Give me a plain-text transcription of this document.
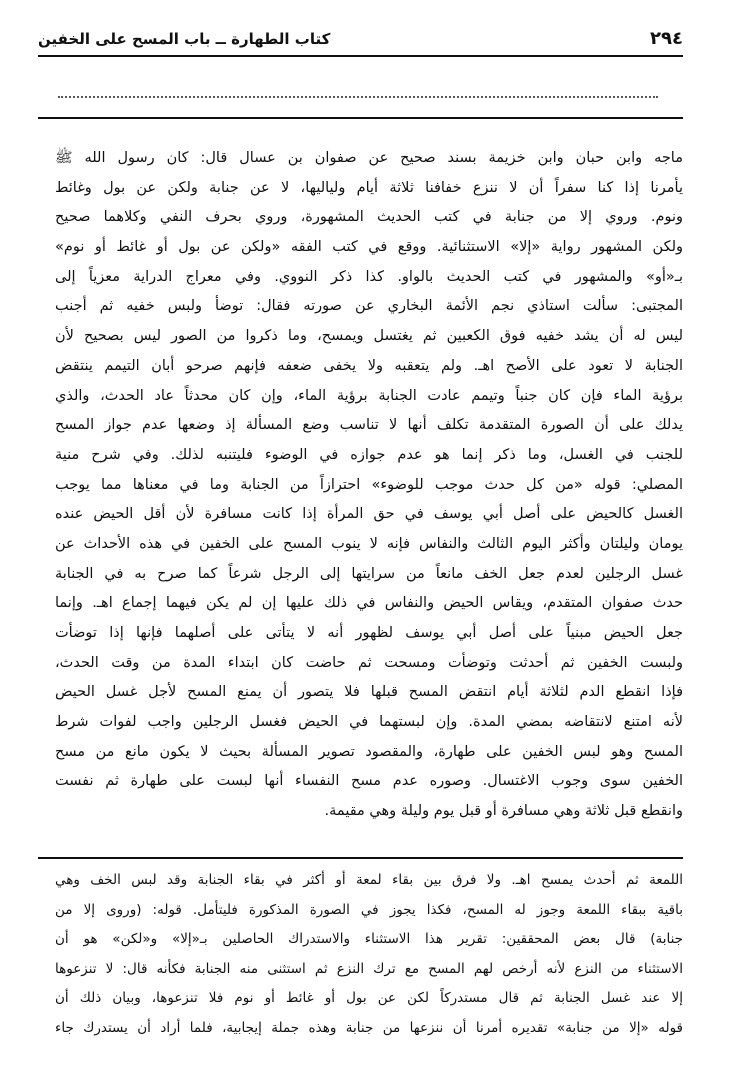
٢٩٤
كتاب الطهارة ــ باب المسح على الخفين
ماجه وابن حبان وابن خزيمة بسند صحيح عن صفوان بن عسال قال: كان رسول الله ﷺ
يأمرنا إذا كنا سفراً أن لا ننزع خفافنا ثلاثة أيام ولياليها، لا عن جنابة ولكن عن بول وغائط
ونوم. وروي إلا من جنابة في كتب الحديث المشهورة، وروي بحرف النفي وكلاهما صحيح
ولكن المشهور رواية «إلا» الاستثنائية. ووقع في كتب الفقه «ولكن عن بول أو غائط أو نوم»
بـ«أو» والمشهور في كتب الحديث بالواو. كذا ذكر النووي. وفي معراج الدراية معزياً إلى
المجتبى: سألت استاذي نجم الأئمة البخاري عن صورته فقال: توضأ ولبس خفيه ثم أجنب
ليس له أن يشد خفيه فوق الكعبين ثم يغتسل ويمسح، وما ذكروا من الصور ليس بصحيح لأن
الجنابة لا تعود على الأصح اهـ. ولم يتعقبه ولا يخفى ضعفه فإنهم صرحو أبان التيمم ينتقض
برؤية الماء فإن كان جنباً وتيمم عادت الجنابة برؤية الماء، وإن كان محدثاً عاد الحدث، والذي
يدلك على أن الصورة المتقدمة تكلف أنها لا تناسب وضع المسألة إذ وضعها عدم جواز المسح
للجنب في الغسل، وما ذكر إنما هو عدم جوازه في الوضوء فليتنبه لذلك. وفي شرح منية
المصلي: قوله «من كل حدث موجب للوضوء» احترازاً من الجنابة وما في معناها مما يوجب
الغسل كالحيض على أصل أبي يوسف في حق المرأة إذا كانت مسافرة لأن أقل الحيض عنده
يومان وليلتان وأكثر اليوم الثالث والنفاس فإنه لا ينوب المسح على الخفين في هذه الأحداث عن
غسل الرجلين لعدم جعل الخف مانعاً من سرايتها إلى الرجل شرعاً كما صرح به في الجنابة
حدث صفوان المتقدم، ويقاس الحيض والنفاس في ذلك عليها إن لم يكن فيهما إجماع اهـ. وإنما
جعل الحيض مبنياً على أصل أبي يوسف لظهور أنه لا يتأتى على أصلهما فإنها إذا توضأت
ولبست الخفين ثم أحدثت وتوضأت ومسحت ثم حاضت كان ابتداء المدة من وقت الحدث،
فإذا انقطع الدم لثلاثة أيام انتقض المسح قبلها فلا يتصور أن يمنع المسح لأجل غسل الحيض
لأنه امتنع لانتقاضه بمضي المدة. وإن لبستهما في الحيض فغسل الرجلين واجب لفوات شرط
المسح وهو لبس الخفين على طهارة، والمقصود تصوير المسألة بحيث لا يكون مانع من مسح
الخفين سوى وجوب الاغتسال. وصوره عدم مسح النفساء أنها لبست على طهارة ثم نفست
وانقطع قبل ثلاثة وهي مسافرة أو قبل يوم وليلة وهي مقيمة.
اللمعة ثم أحدث يمسح اهـ. ولا فرق بين بقاء لمعة أو أكثر في بقاء الجنابة وقد لبس الخف وهي
باقية ببقاء اللمعة وجوز له المسح، فكذا يجوز في الصورة المذكورة فليتأمل. قوله: (وروى إلا من
جنابة) قال بعض المحققين: تقرير هذا الاستثناء والاستدراك الحاصلين بـ«إلا» و«لكن» هو أن
الاستثناء من النزع لأنه أرخص لهم المسح مع ترك النزع ثم استثنى منه الجنابة فكأنه قال: لا تنزعوها
إلا عند غسل الجنابة ثم قال مستدركاً لكن عن بول أو غائط أو نوم فلا تنزعوها، وبيان ذلك أن
قوله «إلا من جنابة» تقديره أمرنا أن ننزعها من جنابة وهذه جملة إيجابية، فلما أراد أن يستدرك جاء
